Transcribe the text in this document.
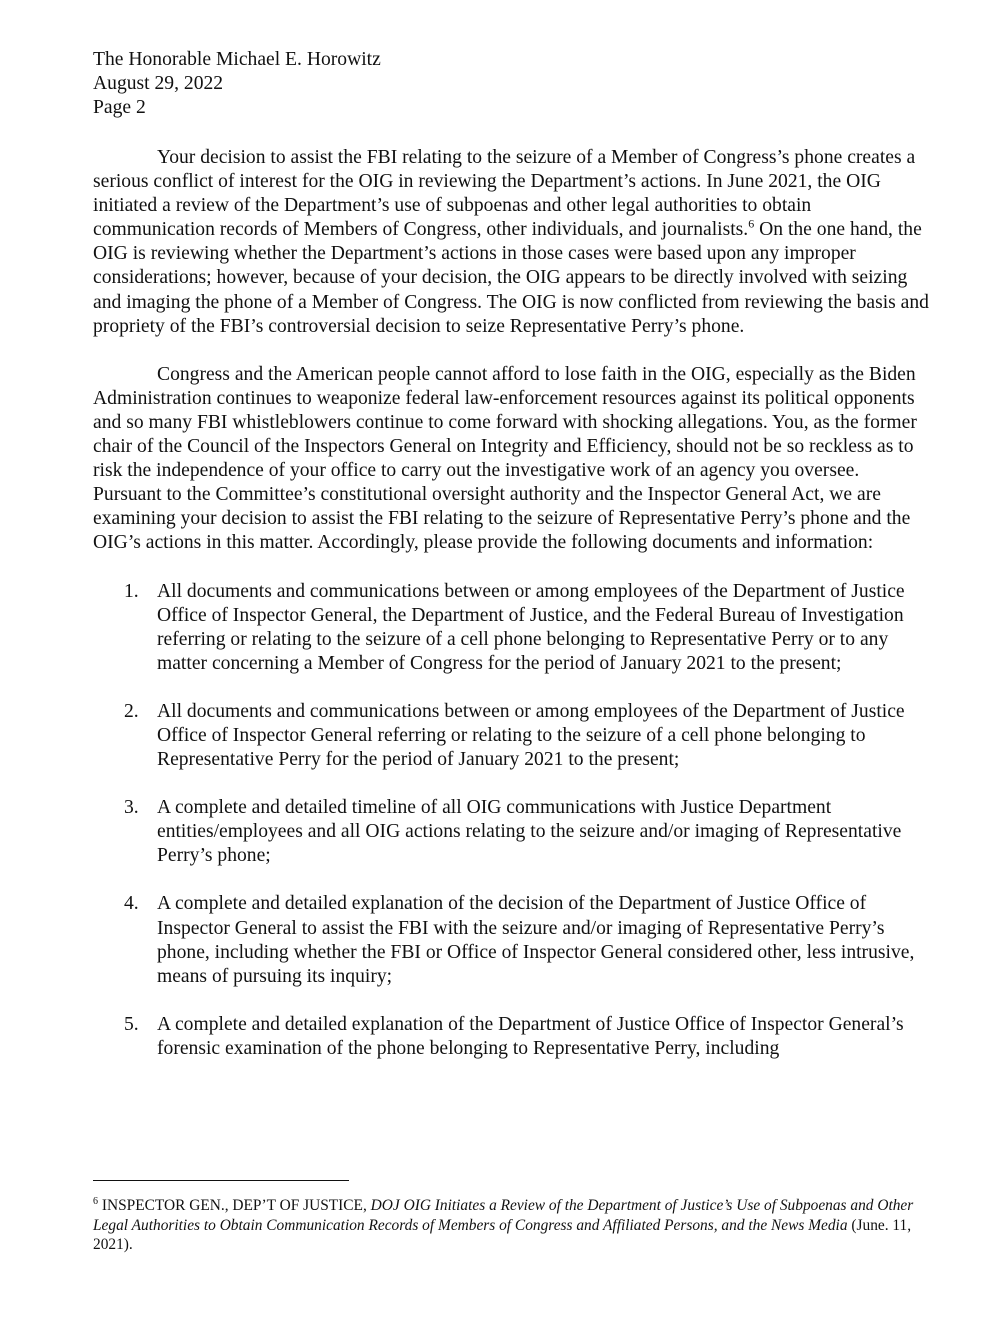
The Honorable Michael E. Horowitz
August 29, 2022
Page 2

Your decision to assist the FBI relating to the seizure of a Member of Congress’s phone creates a serious conflict of interest for the OIG in reviewing the Department’s actions. In June 2021, the OIG initiated a review of the Department’s use of subpoenas and other legal authorities to obtain communication records of Members of Congress, other individuals, and journalists.$^6$ On the one hand, the OIG is reviewing whether the Department’s actions in those cases were based upon any improper considerations; however, because of your decision, the OIG appears to be directly involved with seizing and imaging the phone of a Member of Congress. The OIG is now conflicted from reviewing the basis and propriety of the FBI’s controversial decision to seize Representative Perry’s phone.

Congress and the American people cannot afford to lose faith in the OIG, especially as the Biden Administration continues to weaponize federal law-enforcement resources against its political opponents and so many FBI whistleblowers continue to come forward with shocking allegations. You, as the former chair of the Council of the Inspectors General on Integrity and Efficiency, should not be so reckless as to risk the independence of your office to carry out the investigative work of an agency you oversee. Pursuant to the Committee’s constitutional oversight authority and the Inspector General Act, we are examining your decision to assist the FBI relating to the seizure of Representative Perry’s phone and the OIG’s actions in this matter. Accordingly, please provide the following documents and information:

1. All documents and communications between or among employees of the Department of Justice Office of Inspector General, the Department of Justice, and the Federal Bureau of Investigation referring or relating to the seizure of a cell phone belonging to Representative Perry or to any matter concerning a Member of Congress for the period of January 2021 to the present;
2. All documents and communications between or among employees of the Department of Justice Office of Inspector General referring or relating to the seizure of a cell phone belonging to Representative Perry for the period of January 2021 to the present;
3. A complete and detailed timeline of all OIG communications with Justice Department entities/employees and all OIG actions relating to the seizure and/or imaging of Representative Perry’s phone;
4. A complete and detailed explanation of the decision of the Department of Justice Office of Inspector General to assist the FBI with the seizure and/or imaging of Representative Perry’s phone, including whether the FBI or Office of Inspector General considered other, less intrusive, means of pursuing its inquiry;
5. A complete and detailed explanation of the Department of Justice Office of Inspector General’s forensic examination of the phone belonging to Representative Perry, including
$^6$ INSPECTOR GEN., DEP’T OF JUSTICE, DOJ OIG Initiates a Review of the Department of Justice’s Use of Subpoenas and Other Legal Authorities to Obtain Communication Records of Members of Congress and Affiliated Persons, and the News Media (June. 11, 2021).
